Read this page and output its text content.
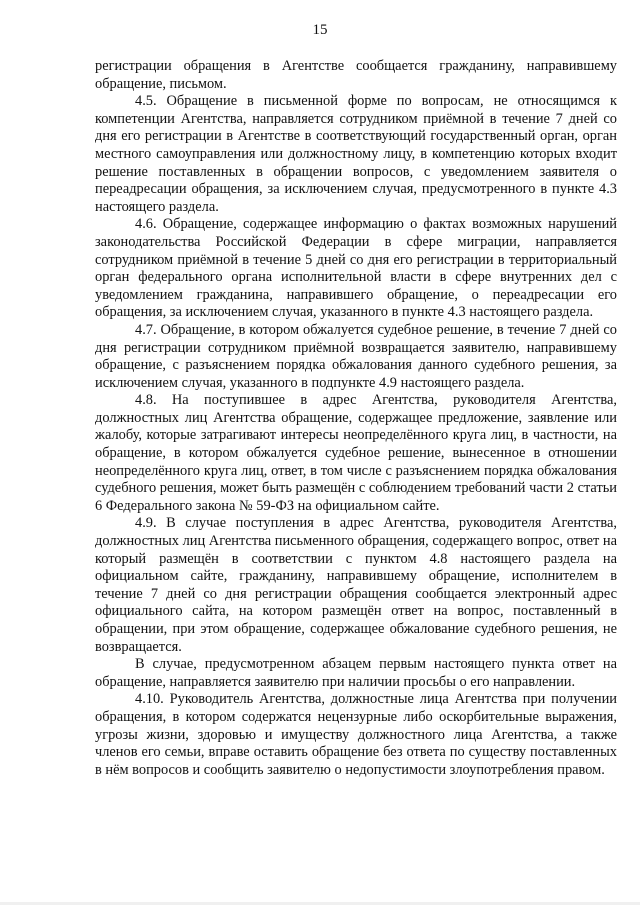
15

регистрации обращения в Агентстве сообщается гражданину, направившему обращение, письмом.

4.5. Обращение в письменной форме по вопросам, не относящимся к компетенции Агентства, направляется сотрудником приёмной в течение 7 дней со дня его регистрации в Агентстве в соответствующий государственный орган, орган местного самоуправления или должностному лицу, в компетенцию которых входит решение поставленных в обращении вопросов, с уведомлением заявителя о переадресации обращения, за исключением случая, предусмотренного в пункте 4.3 настоящего раздела.

4.6. Обращение, содержащее информацию о фактах возможных нарушений законодательства Российской Федерации в сфере миграции, направляется сотрудником приёмной в течение 5 дней со дня его регистрации в территориальный орган федерального органа исполнительной власти в сфере внутренних дел с уведомлением гражданина, направившего обращение, о переадресации его обращения, за исключением случая, указанного в пункте 4.3 настоящего раздела.

4.7. Обращение, в котором обжалуется судебное решение, в течение 7 дней со дня регистрации сотрудником приёмной возвращается заявителю, направившему обращение, с разъяснением порядка обжалования данного судебного решения, за исключением случая, указанного в подпункте 4.9 настоящего раздела.

4.8. На поступившее в адрес Агентства, руководителя Агентства, должностных лиц Агентства обращение, содержащее предложение, заявление или жалобу, которые затрагивают интересы неопределённого круга лиц, в частности, на обращение, в котором обжалуется судебное решение, вынесенное в отношении неопределённого круга лиц, ответ, в том числе с разъяснением порядка обжалования судебного решения, может быть размещён с соблюдением требований части 2 статьи 6 Федерального закона № 59-ФЗ на официальном сайте.

4.9. В случае поступления в адрес Агентства, руководителя Агентства, должностных лиц Агентства письменного обращения, содержащего вопрос, ответ на который размещён в соответствии с пунктом 4.8 настоящего раздела на официальном сайте, гражданину, направившему обращение, исполнителем в течение 7 дней со дня регистрации обращения сообщается электронный адрес официального сайта, на котором размещён ответ на вопрос, поставленный в обращении, при этом обращение, содержащее обжалование судебного решения, не возвращается.

В случае, предусмотренном абзацем первым настоящего пункта ответ на обращение, направляется заявителю при наличии просьбы о его направлении.

4.10. Руководитель Агентства, должностные лица Агентства при получении обращения, в котором содержатся нецензурные либо оскорбительные выражения, угрозы жизни, здоровью и имуществу должностного лица Агентства, а также членов его семьи, вправе оставить обращение без ответа по существу поставленных в нём вопросов и сообщить заявителю о недопустимости злоупотребления правом.
